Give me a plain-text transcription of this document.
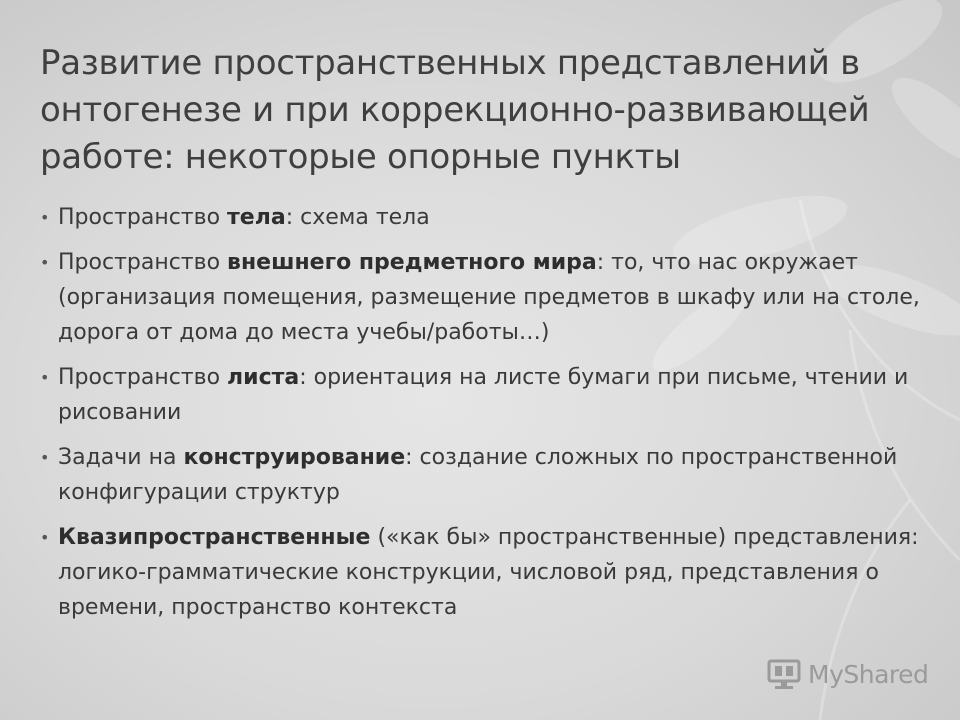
Развитие пространственных представлений в онтогенезе и при коррекционно-развивающей работе: некоторые опорные пункты
• Пространство тела: схема тела
• Пространство внешнего предметного мира: то, что нас окружает (организация помещения, размещение предметов в шкафу или на столе, дорога от дома до места учебы/работы…)
• Пространство листа: ориентация на листе бумаги при письме, чтении и рисовании
• Задачи на конструирование: создание сложных по пространственной конфигурации структур
• Квазипространственные («как бы» пространственные) представления: логико-грамматические конструкции, числовой ряд, представления о времени, пространство контекста
MyShared
